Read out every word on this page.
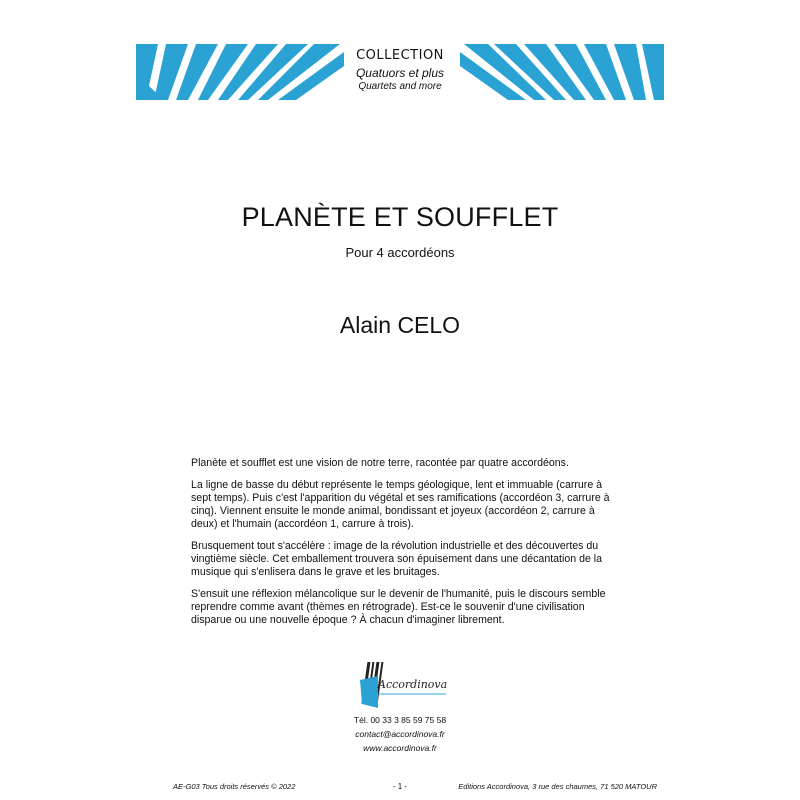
COLLECTION
Quatuors et plus
Quartets and more
PLANÈTE ET SOUFFLET
Pour 4 accordéons
Alain CELO

Planète et soufflet est une vision de notre terre, racontée par quatre accordéons.

La ligne de basse du début représente le temps géologique, lent et immuable (carrure à sept temps). Puis c'est l'apparition du végétal et ses ramifications (accordéon 3, carrure à cinq). Viennent ensuite le monde animal, bondissant et joyeux (accordéon 2, carrure à deux) et l'humain (accordéon 1, carrure à trois).

Brusquement tout s'accélère : image de la révolution industrielle et des découvertes du vingtième siècle. Cet emballement trouvera son épuisement dans une décantation de la musique qui s'enlisera dans le grave et les bruitages.

S'ensuit une réflexion mélancolique sur le devenir de l'humanité, puis le discours semble reprendre comme avant (thèmes en rétrograde). Est-ce le souvenir d'une civilisation disparue ou une nouvelle époque ? À chacun d'imaginer librement.

Accordinova
Tél. 00 33 3 85 59 75 58
contact@accordinova.fr
www.accordinova.fr
AE-G03 Tous droits réservés © 2022	- 1 -	Editions Accordinova, 3 rue des chaumes, 71 520 MATOUR
